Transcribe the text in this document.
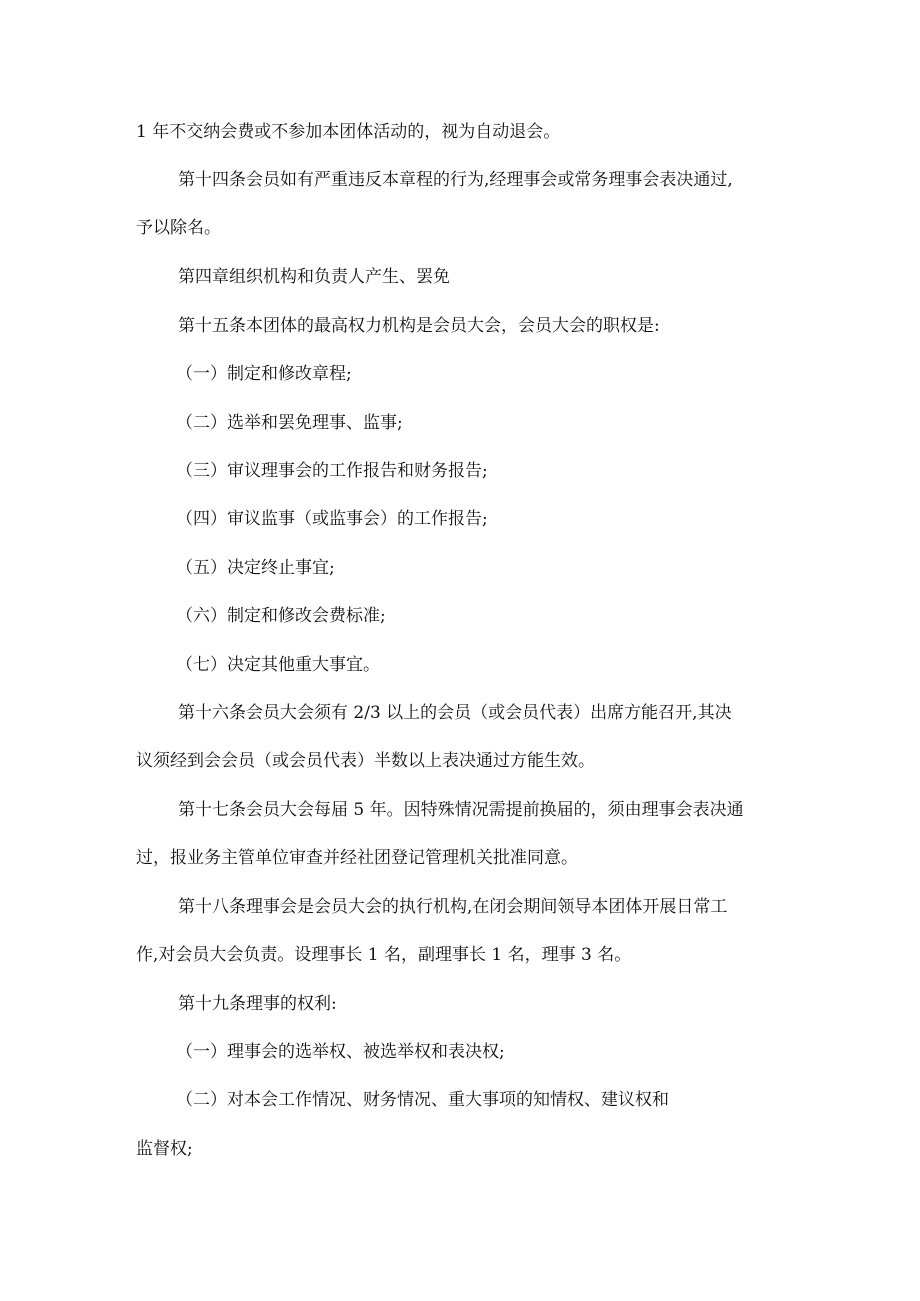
1 年不交纳会费或不参加本团体活动的，视为自动退会。

第十四条会员如有严重违反本章程的行为,经理事会或常务理事会表决通过,

予以除名。

第四章组织机构和负责人产生、罢免

第十五条本团体的最高权力机构是会员大会，会员大会的职权是:

（一）制定和修改章程;

（二）选举和罢免理事、监事;

（三）审议理事会的工作报告和财务报告;

（四）审议监事（或监事会）的工作报告;

（五）决定终止事宜;

（六）制定和修改会费标准;

（七）决定其他重大事宜。

第十六条会员大会须有 2/3 以上的会员（或会员代表）出席方能召开,其决

议须经到会会员（或会员代表）半数以上表决通过方能生效。

第十七条会员大会每届 5 年。因特殊情况需提前换届的，须由理事会表决通

过，报业务主管单位审查并经社团登记管理机关批准同意。

第十八条理事会是会员大会的执行机构,在闭会期间领导本团体开展日常工

作,对会员大会负责。设理事长 1 名，副理事长 1 名，理事 3 名。

第十九条理事的权利:

（一）理事会的选举权、被选举权和表决权;

（二）对本会工作情况、财务情况、重大事项的知情权、建议权和

监督权;
